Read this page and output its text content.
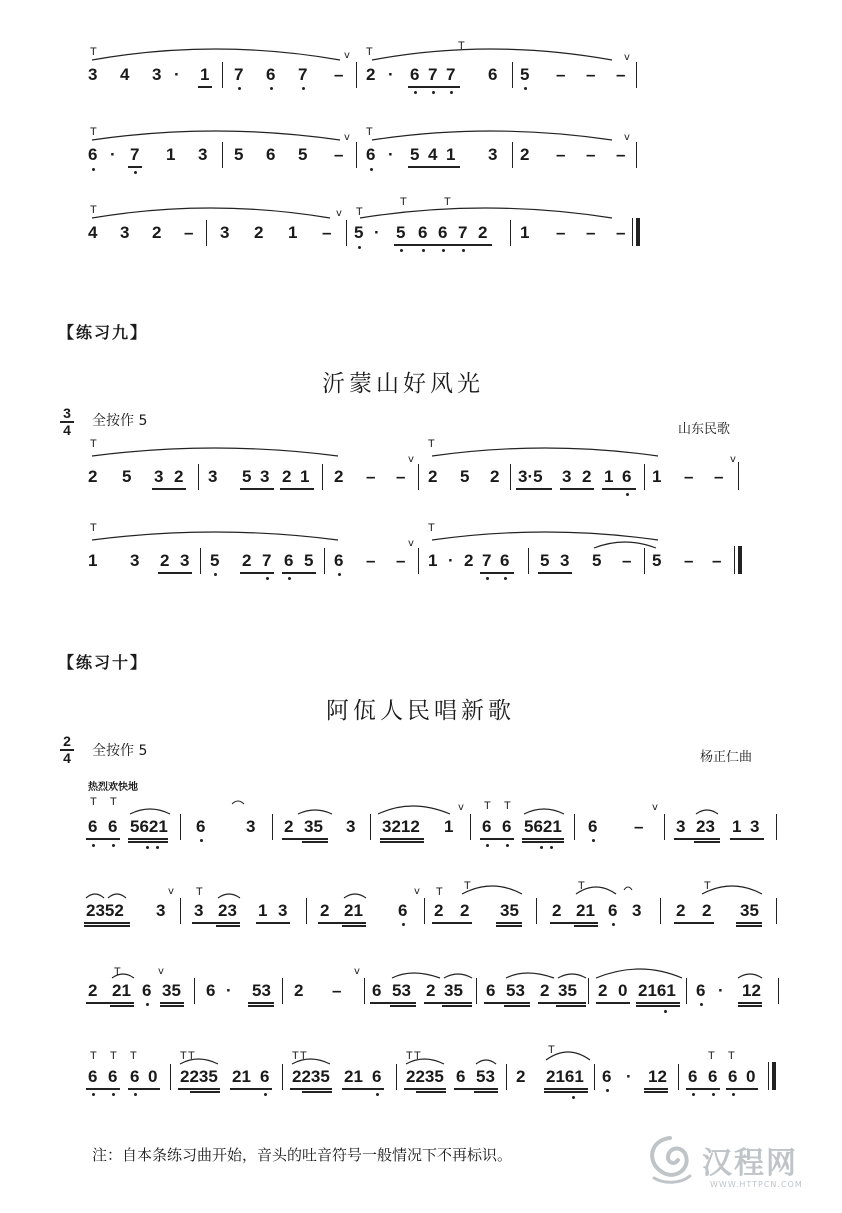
T	T	T
v	v
3 4 3 · 1 7 6 7 – 2 · 6 7 7 6 5 – – –
T	T
v	v
6 · 7 1 3 5 6 5 – 6 · 5 4 1 3 2 – – –
T	T
T	T
v
4 3 2 – 3 2 1 – 5 · 5 6 6 7 2 1 – – –
【练习九】
沂蒙山好风光
3
4
全按作 5
山东民歌
T	T
v	v
2 5 3 2 3 5 3 2 1 2 – – 2 5 2 3·5 3 2 1 6 1 – –
T	T
v
1 3 2 3 5 2 7 6 5 6 – – 1 · 2 7 6 5 3 5 – 5 – –
【练习十】
阿佤人民唱新歌
2
4 全按作 5	杨正仁曲
热烈欢快地
T T	T T
v	v
6 6 5621 6 3 2 35 3 3212 1 6 6 5621 6 – 3 23 1 3
T	T T	T	T
v	v
2352 3 3 23 1 3 2 21 6 2 2 35 2 21 6 3 2 2 35
T	v	v
2 21 6 35 6 · 53 2 – 6 53 2 35 6 53 2 35 2 0 2161 6 · 12
T T T	T T	T T	T T	T	T T
6 6 6 0 2235 21 6 2235 21 6 2235 6 53 2 2161 6 · 12 6 6 6 0
注：自本条练习曲开始，音头的吐音符号一般情况下不再标识。	汉程网
WWW.HTTPCN.COM
